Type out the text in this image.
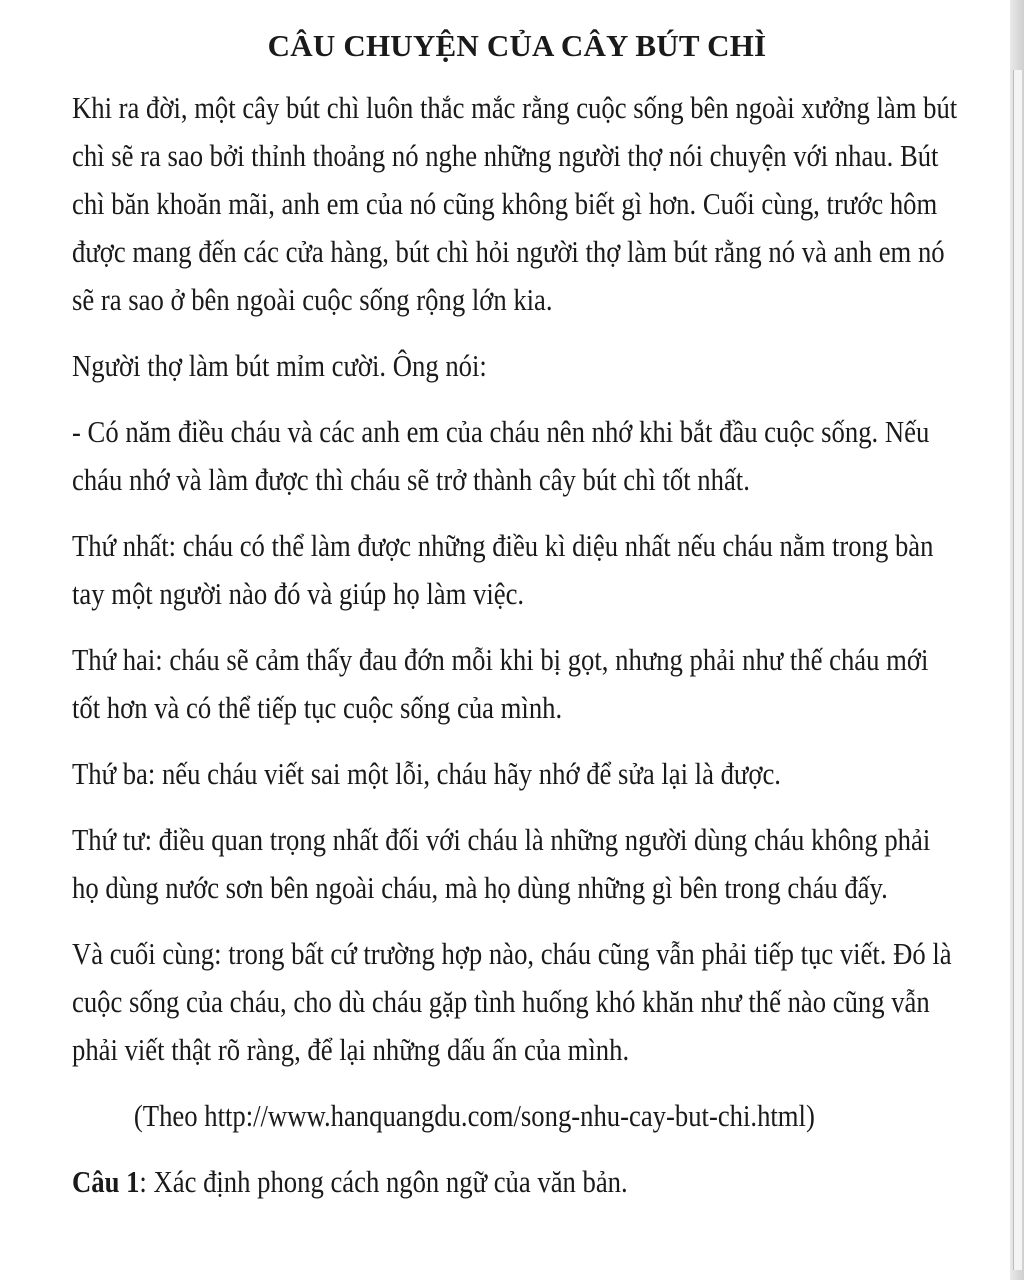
CÂU CHUYỆN CỦA CÂY BÚT CHÌ

Khi ra đời, một cây bút chì luôn thắc mắc rằng cuộc sống bên ngoài xưởng làm bút chì sẽ ra sao bởi thỉnh thoảng nó nghe những người thợ nói chuyện với nhau. Bút chì băn khoăn mãi, anh em của nó cũng không biết gì hơn. Cuối cùng, trước hôm được mang đến các cửa hàng, bút chì hỏi người thợ làm bút rằng nó và anh em nó sẽ ra sao ở bên ngoài cuộc sống rộng lớn kia.

Người thợ làm bút mỉm cười. Ông nói:

- Có năm điều cháu và các anh em của cháu nên nhớ khi bắt đầu cuộc sống. Nếu cháu nhớ và làm được thì cháu sẽ trở thành cây bút chì tốt nhất.

Thứ nhất: cháu có thể làm được những điều kì diệu nhất nếu cháu nằm trong bàn tay một người nào đó và giúp họ làm việc.

Thứ hai: cháu sẽ cảm thấy đau đớn mỗi khi bị gọt, nhưng phải như thế cháu mới tốt hơn và có thể tiếp tục cuộc sống của mình.

Thứ ba: nếu cháu viết sai một lỗi, cháu hãy nhớ để sửa lại là được.

Thứ tư: điều quan trọng nhất đối với cháu là những người dùng cháu không phải họ dùng nước sơn bên ngoài cháu, mà họ dùng những gì bên trong cháu đấy.

Và cuối cùng: trong bất cứ trường hợp nào, cháu cũng vẫn phải tiếp tục viết. Đó là cuộc sống của cháu, cho dù cháu gặp tình huống khó khăn như thế nào cũng vẫn phải viết thật rõ ràng, để lại những dấu ấn của mình.

(Theo http://www.hanquangdu.com/song-nhu-cay-but-chi.html)

Câu 1: Xác định phong cách ngôn ngữ của văn bản.
